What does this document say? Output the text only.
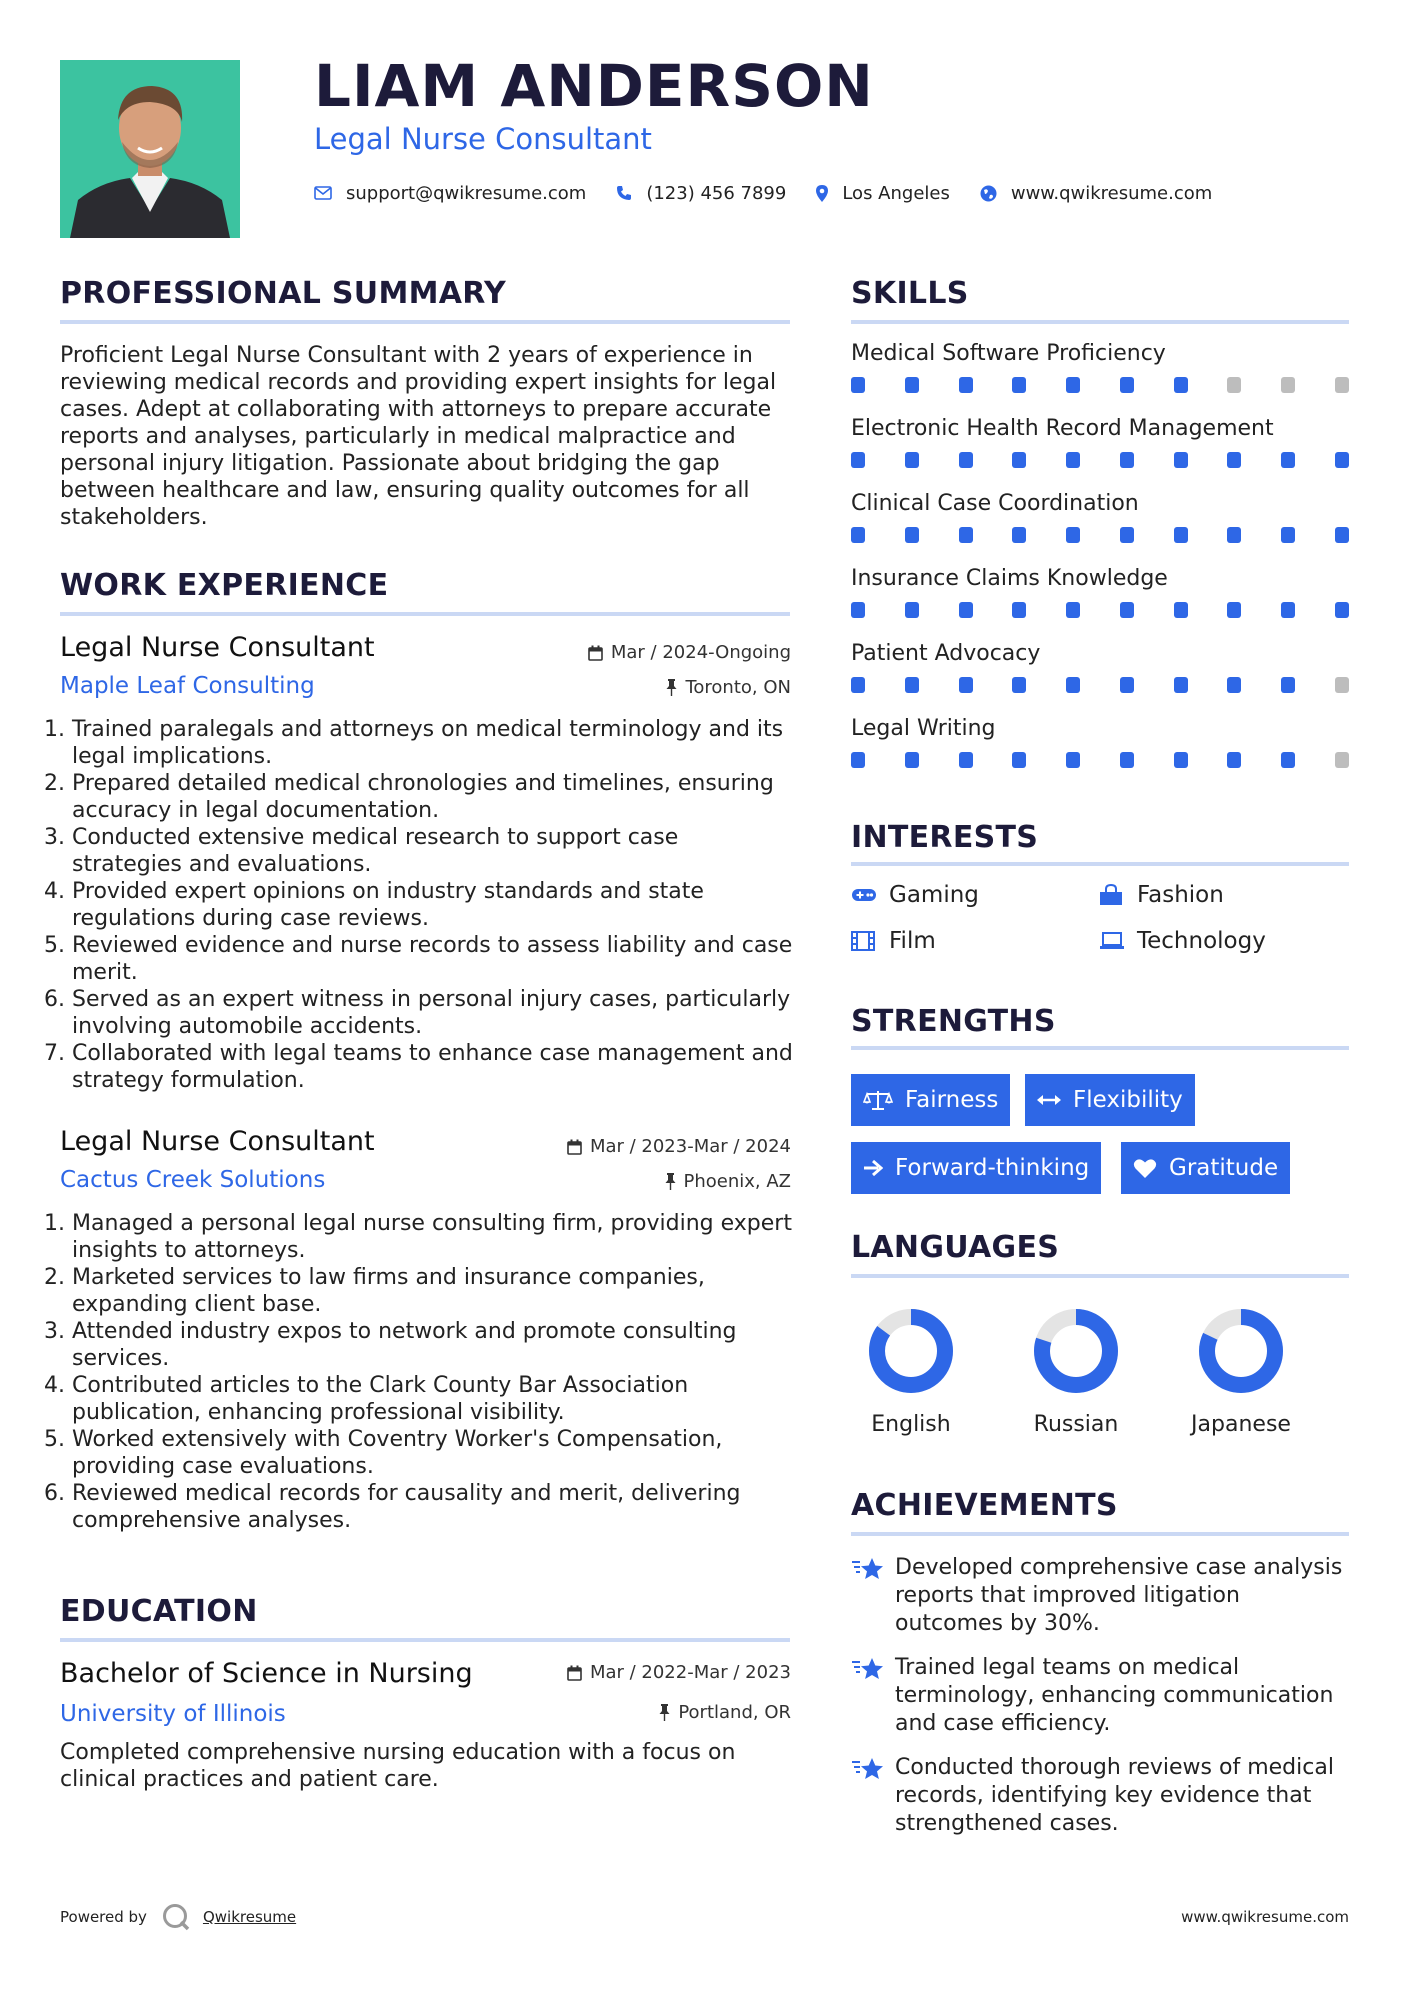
LIAM ANDERSON
Legal Nurse Consultant
support@qwikresume.com	(123) 456 7899	Los Angeles	www.qwikresume.com
PROFESSIONAL SUMMARY
Proficient Legal Nurse Consultant with 2 years of experience in reviewing medical records and providing expert insights for legal cases. Adept at collaborating with attorneys to prepare accurate reports and analyses, particularly in medical malpractice and personal injury litigation. Passionate about bridging the gap between healthcare and law, ensuring quality outcomes for all stakeholders.
WORK EXPERIENCE
Legal Nurse Consultant	Mar / 2024-Ongoing
Maple Leaf Consulting	Toronto, ON
1. Trained paralegals and attorneys on medical terminology and its legal implications.
2. Prepared detailed medical chronologies and timelines, ensuring accuracy in legal documentation.
3. Conducted extensive medical research to support case strategies and evaluations.
4. Provided expert opinions on industry standards and state regulations during case reviews.
5. Reviewed evidence and nurse records to assess liability and case merit.
6. Served as an expert witness in personal injury cases, particularly involving automobile accidents.
7. Collaborated with legal teams to enhance case management and strategy formulation.
Legal Nurse Consultant	Mar / 2023-Mar / 2024
Cactus Creek Solutions	Phoenix, AZ
1. Managed a personal legal nurse consulting firm, providing expert insights to attorneys.
2. Marketed services to law firms and insurance companies, expanding client base.
3. Attended industry expos to network and promote consulting services.
4. Contributed articles to the Clark County Bar Association publication, enhancing professional visibility.
5. Worked extensively with Coventry Worker's Compensation, providing case evaluations.
6. Reviewed medical records for causality and merit, delivering comprehensive analyses.
EDUCATION
Bachelor of Science in Nursing	Mar / 2022-Mar / 2023
University of Illinois	Portland, OR
Completed comprehensive nursing education with a focus on clinical practices and patient care.
SKILLS
Medical Software Proficiency
Electronic Health Record Management
Clinical Case Coordination
Insurance Claims Knowledge
Patient Advocacy
Legal Writing
INTERESTS
Gaming	Fashion
Film	Technology
STRENGTHS
Fairness	Flexibility
Forward-thinking	Gratitude
LANGUAGES
English	Russian	Japanese
ACHIEVEMENTS
Developed comprehensive case analysis reports that improved litigation outcomes by 30%.
Trained legal teams on medical terminology, enhancing communication and case efficiency.
Conducted thorough reviews of medical records, identifying key evidence that strengthened cases.
Powered by	Qwikresume	www.qwikresume.com
